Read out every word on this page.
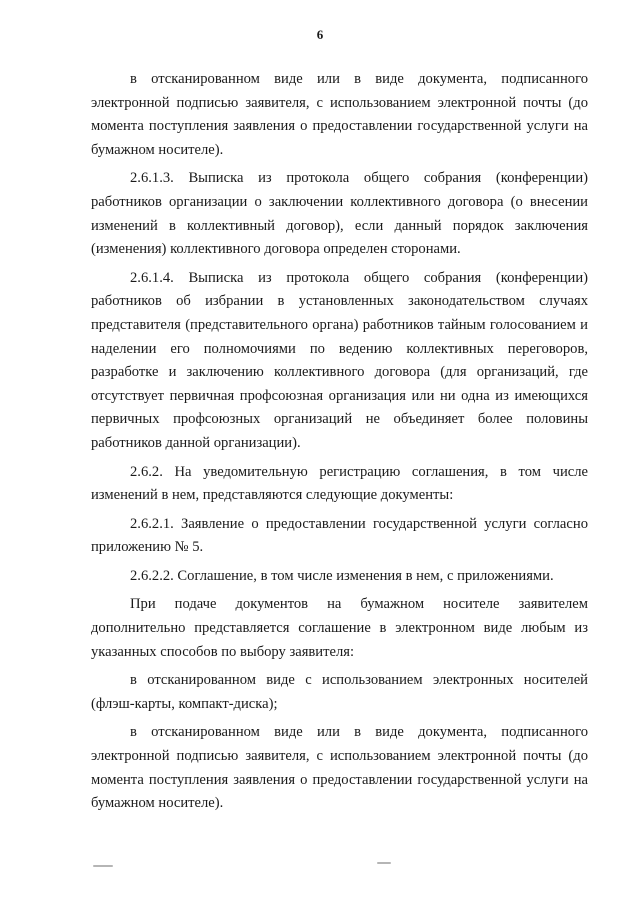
6

в отсканированном виде или в виде документа, подписанного электронной подписью заявителя, с использованием электронной почты (до момента поступления заявления о предоставлении государственной услуги на бумажном носителе).

2.6.1.3. Выписка из протокола общего собрания (конференции) работников организации о заключении коллективного договора (о внесении изменений в коллективный договор), если данный порядок заключения (изменения) коллективного договора определен сторонами.

2.6.1.4. Выписка из протокола общего собрания (конференции) работников об избрании в установленных законодательством случаях представителя (представительного органа) работников тайным голосованием и наделении его полномочиями по ведению коллективных переговоров, разработке и заключению коллективного договора (для организаций, где отсутствует первичная профсоюзная организация или ни одна из имеющихся первичных профсоюзных организаций не объединяет более половины работников данной организации).

2.6.2. На уведомительную регистрацию соглашения, в том числе изменений в нем, представляются следующие документы:

2.6.2.1. Заявление о предоставлении государственной услуги согласно приложению № 5.

2.6.2.2. Соглашение, в том числе изменения в нем, с приложениями.

При подаче документов на бумажном носителе заявителем дополнительно представляется соглашение в электронном виде любым из указанных способов по выбору заявителя:

в отсканированном виде с использованием электронных носителей (флэш-карты, компакт-диска);

в отсканированном виде или в виде документа, подписанного электронной подписью заявителя, с использованием электронной почты (до момента поступления заявления о предоставлении государственной услуги на бумажном носителе).
